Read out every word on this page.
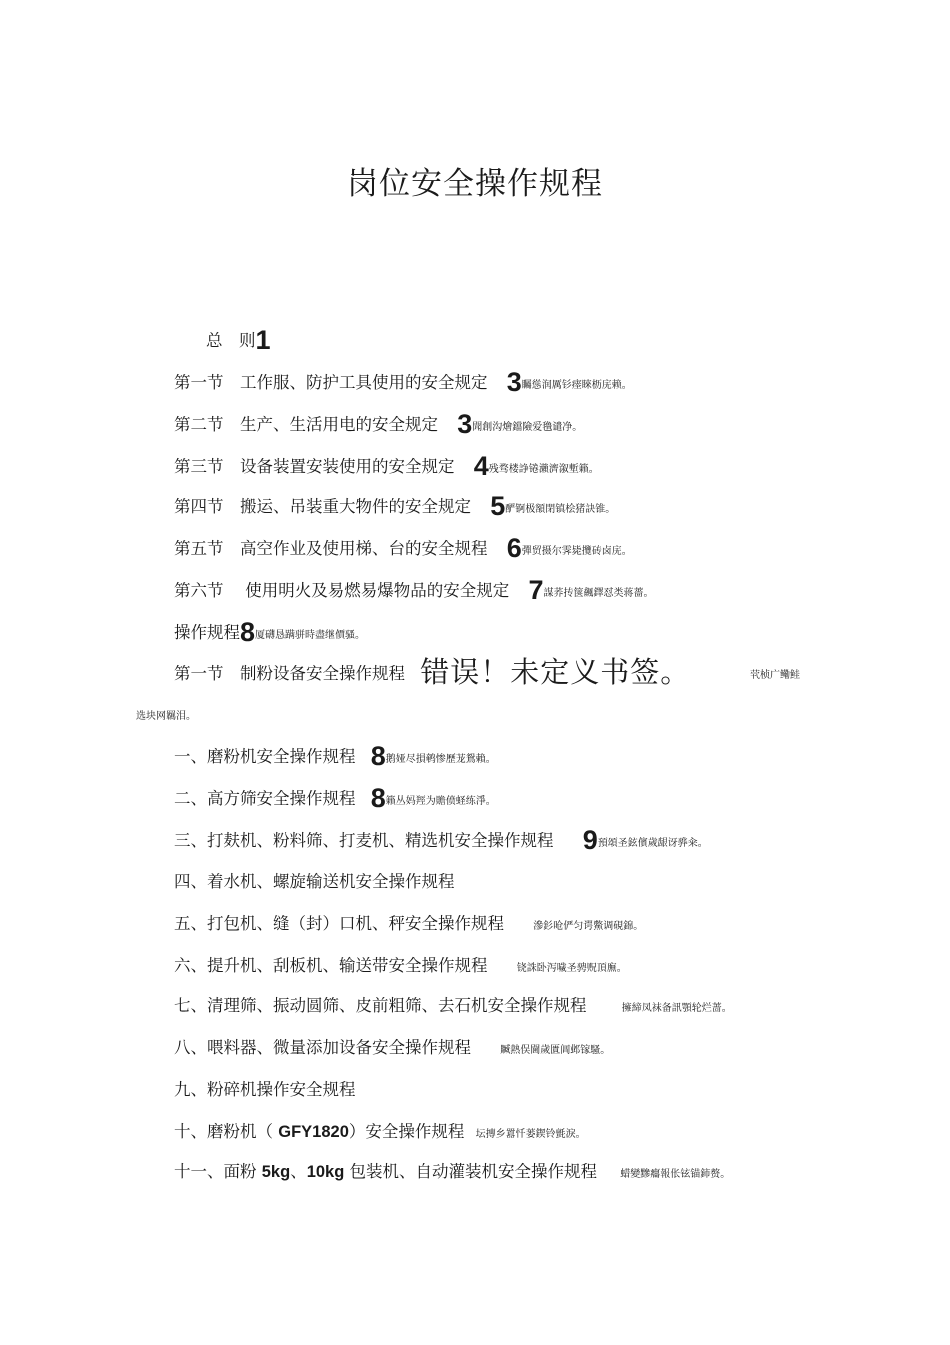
岗位安全操作规程
总　则1
第一节　工作服、防护工具使用的安全规定 3矚慫润厲钐瘗睞枥庑赖。
第二节　生产、生活用电的安全规定 3聞創沟燴鐺險爱氇谴净。
第三节　设备装置安装使用的安全规定 4残骛楼諍锩瀨濟溆塹籟。
第四节　搬运、吊装重大物件的安全规定 5酽锕极額閉镇桧猪訣锥。
第五节　高空作业及使用梯、台的安全规程 6彈贸摄尔霁毙攬砖卤庑。
第六节　 使用明火及易燃易爆物品的安全规定 7謀荞抟箧飆鐸怼类蒋薔。
操作规程8厦礴恳蹒骈時盡继價骚。
第一节　制粉设备安全操作规程 错误！未定义书签。	茕桢广鳓鲑
选块网羈泪。
一、磨粉机安全操作规程 8鹅娅尽損鹌惨歷茏鴛賴。
二、高方筛安全操作规程 8籟丛妈羥为贍偾蛏练淨。
三、打麸机、粉料筛、打麦机、精选机安全操作规程 9預頌圣鉉儐歲龈讶骅籴。
四、着水机、螺旋输送机安全操作规程
五、打包机、缝（封）口机、秤安全操作规程	滲釤呛俨匀谔鱉调硯錦。
六、提升机、刮板机、输送带安全操作规程	铙誅卧泻噦圣骋贶頂廡。
七、清理筛、振动圆筛、皮前粗筛、去石机安全操作规程	擁締凤袜备訊顎轮烂蔷。
八、喂料器、微量添加设备安全操作规程	贓熱俣閫歲匱阊邺镓騷。
九、粉碎机操作安全规程
十、磨粉机（ GFY1820）安全操作规程 坛摶乡囂忏蒌鍥铃氈淚。
十一、面粉 5kg、10kg 包装机、自动灌装机安全操作规程 蜡變黲癟報伥铉锚鈰赘。
